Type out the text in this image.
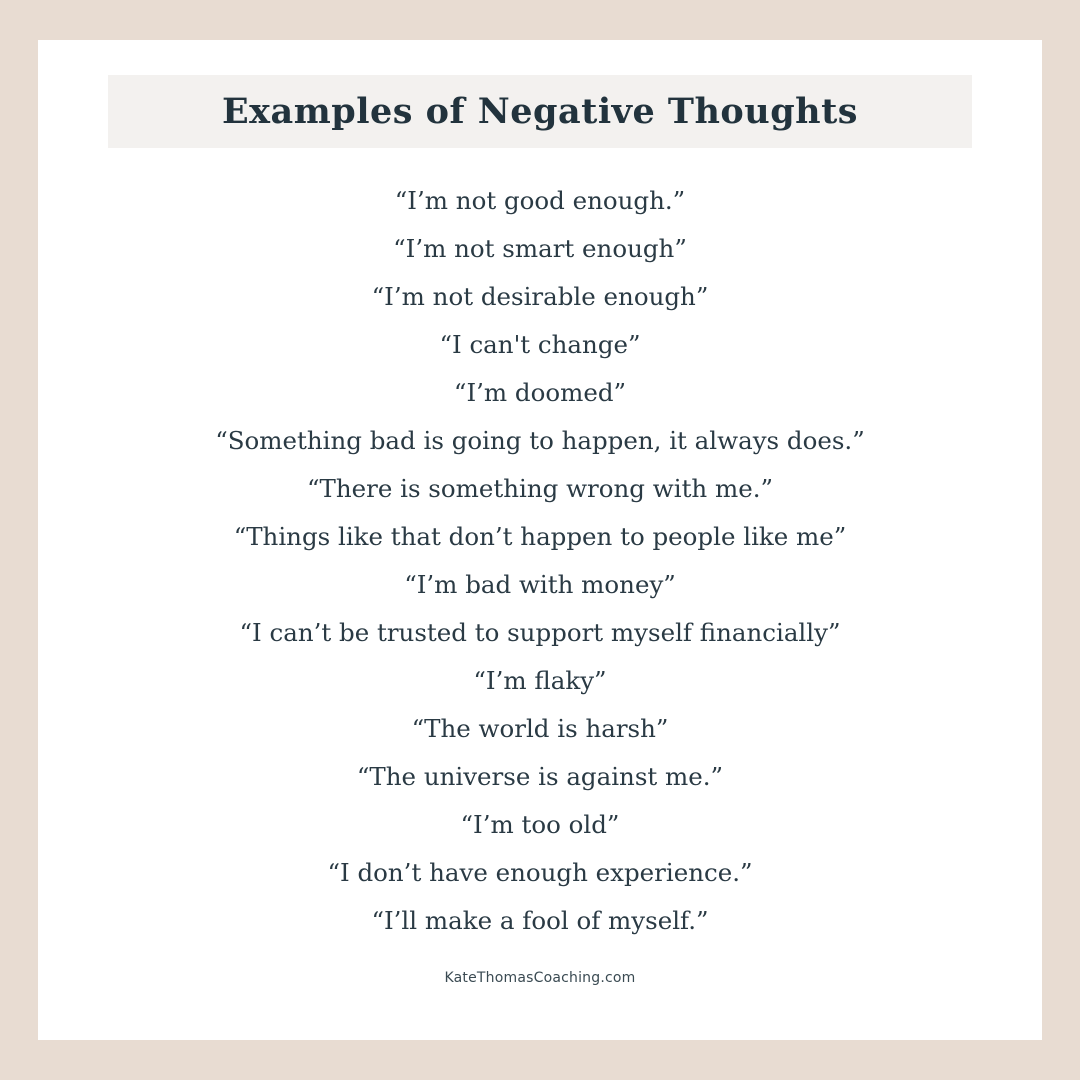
Examples of Negative Thoughts
“I’m not good enough.”
“I’m not smart enough”
“I’m not desirable enough”
“I can't change”
“I’m doomed”
“Something bad is going to happen, it always does.”
“There is something wrong with me.”
“Things like that don’t happen to people like me”
“I’m bad with money”
“I can’t be trusted to support myself financially”
“I’m flaky”
“The world is harsh”
“The universe is against me.”
“I’m too old”
“I don’t have enough experience.”
“I’ll make a fool of myself.”
KateThomasCoaching.com
